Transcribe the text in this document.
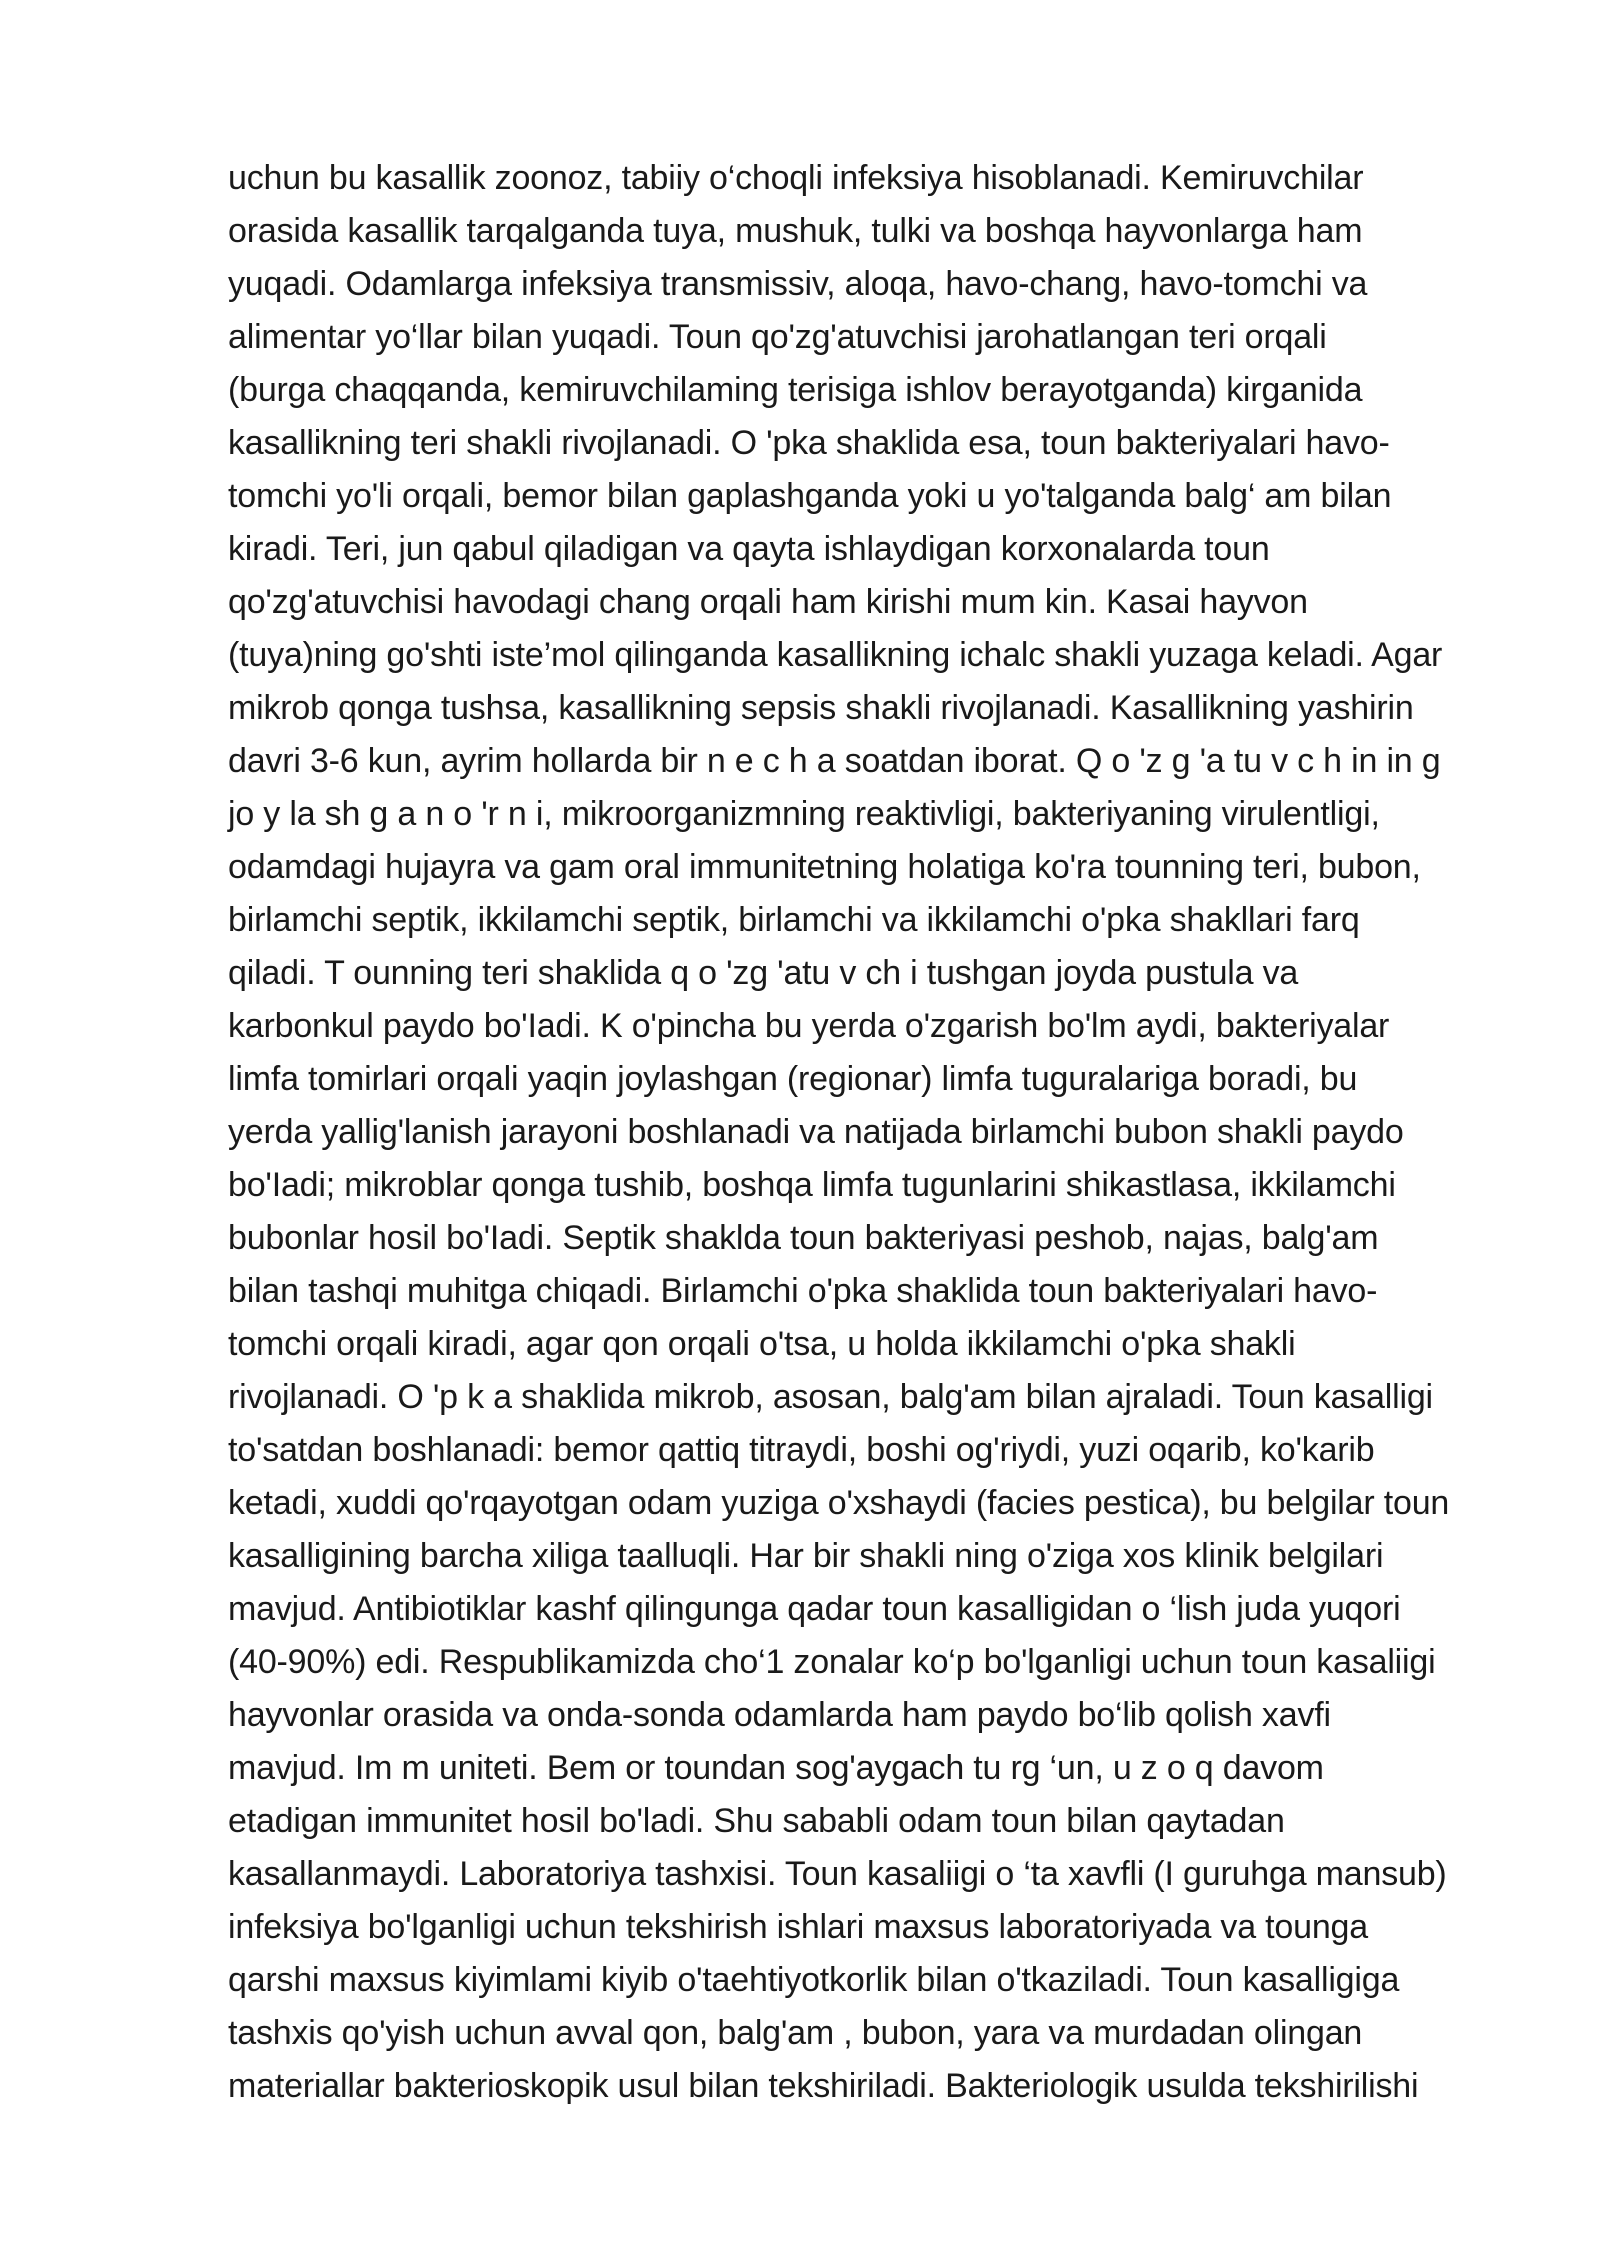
uchun bu kasallik zoonoz, tabiiy o‘choqli infeksiya hisoblanadi. Kemiruvchilar
orasida kasallik tarqalganda tuya, mushuk, tulki va boshqa hayvonlarga ham
yuqadi. Odamlarga infeksiya transmissiv, aloqa, havo-chang, havo-tomchi va
alimentar yo‘llar bilan yuqadi. Toun qo'zg'atuvchisi jarohatlangan teri orqali
(burga chaqqanda, kemiruvchilaming terisiga ishlov berayotganda) kirganida
kasallikning teri shakli rivojlanadi. O 'pka shaklida esa, toun bakteriyalari havo-
tomchi yo'li orqali, bemor bilan gaplashganda yoki u yo'talganda balg‘ am bilan
kiradi. Teri, jun qabul qiladigan va qayta ishlaydigan korxonalarda toun
qo'zg'atuvchisi havodagi chang orqali ham kirishi mum kin. Kasai hayvon
(tuya)ning go'shti iste’mol qilinganda kasallikning ichalc shakli yuzaga keladi. Agar
mikrob qonga tushsa, kasallikning sepsis shakli rivojlanadi. Kasallikning yashirin
davri 3-6 kun, ayrim hollarda bir n e c h a soatdan iborat. Q o 'z g 'a tu v c h in in g
jo y la sh g a n o 'r n i, mikroorganizmning reaktivligi, bakteriyaning virulentligi,
odamdagi hujayra va gam oral immunitetning holatiga ko'ra tounning teri, bubon,
birlamchi septik, ikkilamchi septik, birlamchi va ikkilamchi o'pka shakllari farq
qiladi. T ounning teri shaklida q o 'zg 'atu v ch i tushgan joyda pustula va
karbonkul paydo bo'Iadi. K o'pincha bu yerda o'zgarish bo'lm aydi, bakteriyalar
limfa tomirlari orqali yaqin joylashgan (regionar) limfa tuguralariga boradi, bu
yerda yallig'lanish jarayoni boshlanadi va natijada birlamchi bubon shakli paydo
bo'Iadi; mikroblar qonga tushib, boshqa limfa tugunlarini shikastlasa, ikkilamchi
bubonlar hosil bo'Iadi. Septik shaklda toun bakteriyasi peshob, najas, balg'am
bilan tashqi muhitga chiqadi. Birlamchi o'pka shaklida toun bakteriyalari havo-
tomchi orqali kiradi, agar qon orqali o'tsa, u holda ikkilamchi o'pka shakli
rivojlanadi. O 'p k a shaklida mikrob, asosan, balg'am bilan ajraladi. Toun kasalligi
to'satdan boshlanadi: bemor qattiq titraydi, boshi og'riydi, yuzi oqarib, ko'karib
ketadi, xuddi qo'rqayotgan odam yuziga o'xshaydi (facies pestica), bu belgilar toun
kasalligining barcha xiliga taalluqli. Har bir shakli ning o'ziga xos klinik belgilari
mavjud. Antibiotiklar kashf qilingunga qadar toun kasalligidan o ‘lish juda yuqori
(40-90%) edi. Respublikamizda cho‘1 zonalar ko‘p bo'lganligi uchun toun kasaliigi
hayvonlar orasida va onda-sonda odamlarda ham paydo bo‘lib qolish xavfi
mavjud. Im m uniteti. Bem or toundan sog'aygach tu rg ‘un, u z o q davom
etadigan immunitet hosil bo'ladi. Shu sababli odam toun bilan qaytadan
kasallanmaydi. Laboratoriya tashxisi. Toun kasaliigi o ‘ta xavfli (I guruhga mansub)
infeksiya bo'lganligi uchun tekshirish ishlari maxsus laboratoriyada va tounga
qarshi maxsus kiyimlami kiyib o'taehtiyotkorlik bilan o'tkaziladi. Toun kasalligiga
tashxis qo'yish uchun avval qon, balg'am , bubon, yara va murdadan olingan
materiallar bakterioskopik usul bilan tekshiriladi. Bakteriologik usulda tekshirilishi
